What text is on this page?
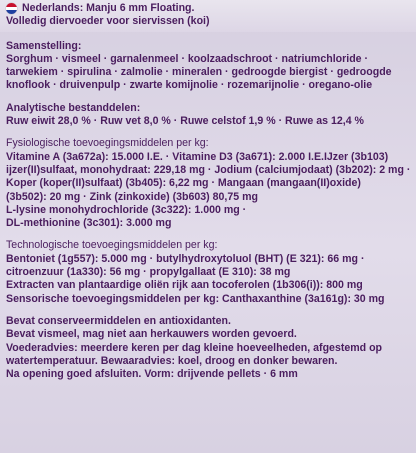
Nederlands: Manju 6 mm Floating.
Volledig diervoeder voor siervissen (koi)
Samenstelling:
Sorghum · vismeel · garnalenmeel · koolzaadschroot · natriumchloride ·
tarwekiem · spirulina · zalmolie · mineralen · gedroogde biergist · gedroogde
knoflook · druivenpulp · zwarte komijnolie · rozemarijnolie · oregano-olie
Analytische bestanddelen:
Ruw eiwit 28,0 % · Ruw vet 8,0 % · Ruwe celstof 1,9 % · Ruwe as 12,4 %
Fysiologische toevoegingsmiddelen per kg:
Vitamine A (3a672a): 15.000 I.E. · Vitamine D3 (3a671): 2.000 I.E.IJzer (3b103)
ijzer(II)sulfaat, monohydraat: 229,18 mg · Jodium (calciumjodaat) (3b202): 2 mg ·
Koper (koper(II)sulfaat) (3b405): 6,22 mg · Mangaan (mangaan(II)oxide)
(3b502): 20 mg · Zink (zinkoxide) (3b603) 80,75 mg
L-lysine monohydrochloride (3c322): 1.000 mg ·
DL-methionine (3c301): 3.000 mg
Technologische toevoegingsmiddelen per kg:
Bentoniet (1g557): 5.000 mg · butylhydroxytoluol (BHT) (E 321): 66 mg ·
citroenzuur (1a330): 56 mg · propylgallaat (E 310): 38 mg
Extracten van plantaardige oliën rijk aan tocoferolen (1b306(i)): 800 mg
Sensorische toevoegingsmiddelen per kg: Canthaxanthine (3a161g): 30 mg
Bevat conserveermiddelen en antioxidanten.
Bevat vismeel, mag niet aan herkauwers worden gevoerd.
Voederadvies: meerdere keren per dag kleine hoeveelheden, afgestemd op
watertemperatuur. Bewaaradvies: koel, droog en donker bewaren.
Na opening goed afsluiten. Vorm: drijvende pellets · 6 mm
